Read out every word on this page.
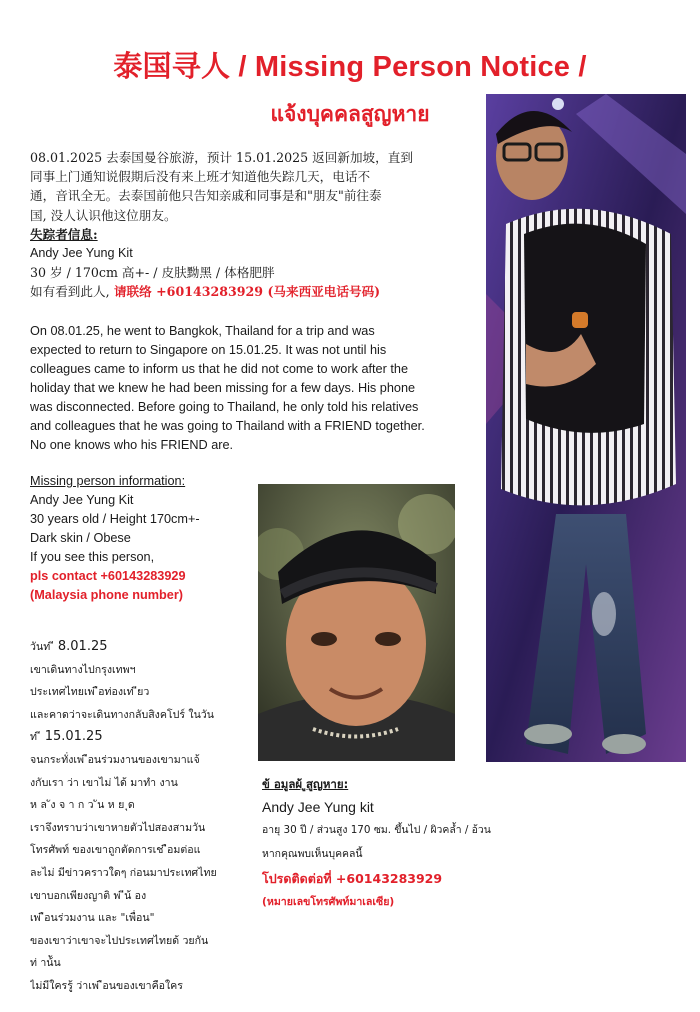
泰国寻人 / Missing Person Notice /
แจ้งบุคคลสูญหาย

08.01.2025 去泰国曼谷旅游，预计 15.01.2025 返回新加坡，直到

同事上门通知说假期后没有来上班才知道他失踪几天，电话不

通，音讯全无。去泰国前他只告知亲戚和同事是和"朋友"前往泰

国, 没人认识他这位朋友。

失踪者信息:

Andy Jee Yung Kit

30 岁 / 170cm 高+- / 皮肤黝黑 / 体格肥胖

如有看到此人, 请联络 +60143283929 (马来西亚电话号码)

On 08.01.25, he went to Bangkok, Thailand for a trip and was

expected to return to Singapore on 15.01.25. It was not until his

colleagues came to inform us that he did not come to work after the

holiday that we knew he had been missing for a few days. His phone

was disconnected. Before going to Thailand, he only told his relatives

and colleagues that he was going to Thailand with a FRIEND together.

No one knows who his FRIEND are.

Missing person information:
Andy Jee Yung Kit
30 years old / Height 170cm+-
Dark skin / Obese
If you see this person,
pls contact +60143283929
(Malaysia phone number)
วันท่ ี 8.01.25
เขาเดินทางไปกรุงเทพฯ
ประเทศไทยเพ่ ือท่องเท่ ียว
และคาดว่าจะเดินทางกลับสิงคโปร์ ในวัน
ท่ ี 15.01.25
จนกระทั่งเพ่ ือนร่วมงานของเขามาแจ้
งกับเรา ว่า เขาไม่ ได้ มาทำ งาน
ห ล ัง จ า ก ว ัน ห ย ุด
เราจึงทราบว่าเขาหายตัวไปสองสามวัน
โทรศัพท์ ของเขาถูกตัดการเช่ ือมต่อแ
ละไม่ มีข่าวคราวใดๆ ก่อนมาประเทศไทย
เขาบอกเพียงญาติ พ่ ีน้ อง
เพ่ ือนร่วมงาน และ "เพื่อน"
ของเขาว่าเขาจะไปประเทศไทยด้ วยกัน
ท่ าน้ัน
ไม่มีใครรู้ ว่าเพ่ ือนของเขาคือใคร
ข้ อมูลผ้ ูสูญหาย:
Andy Jee Yung kit
อายุ 30 ปี / ส่วนสูง 170 ซม. ขึ้นไป / ผิวคล้ำ / อ้วน
หากคุณพบเห็นบุคคลนี้
โปรดติดต่อที่ +60143283929
(หมายเลขโทรศัพท์มาเลเซีย)
